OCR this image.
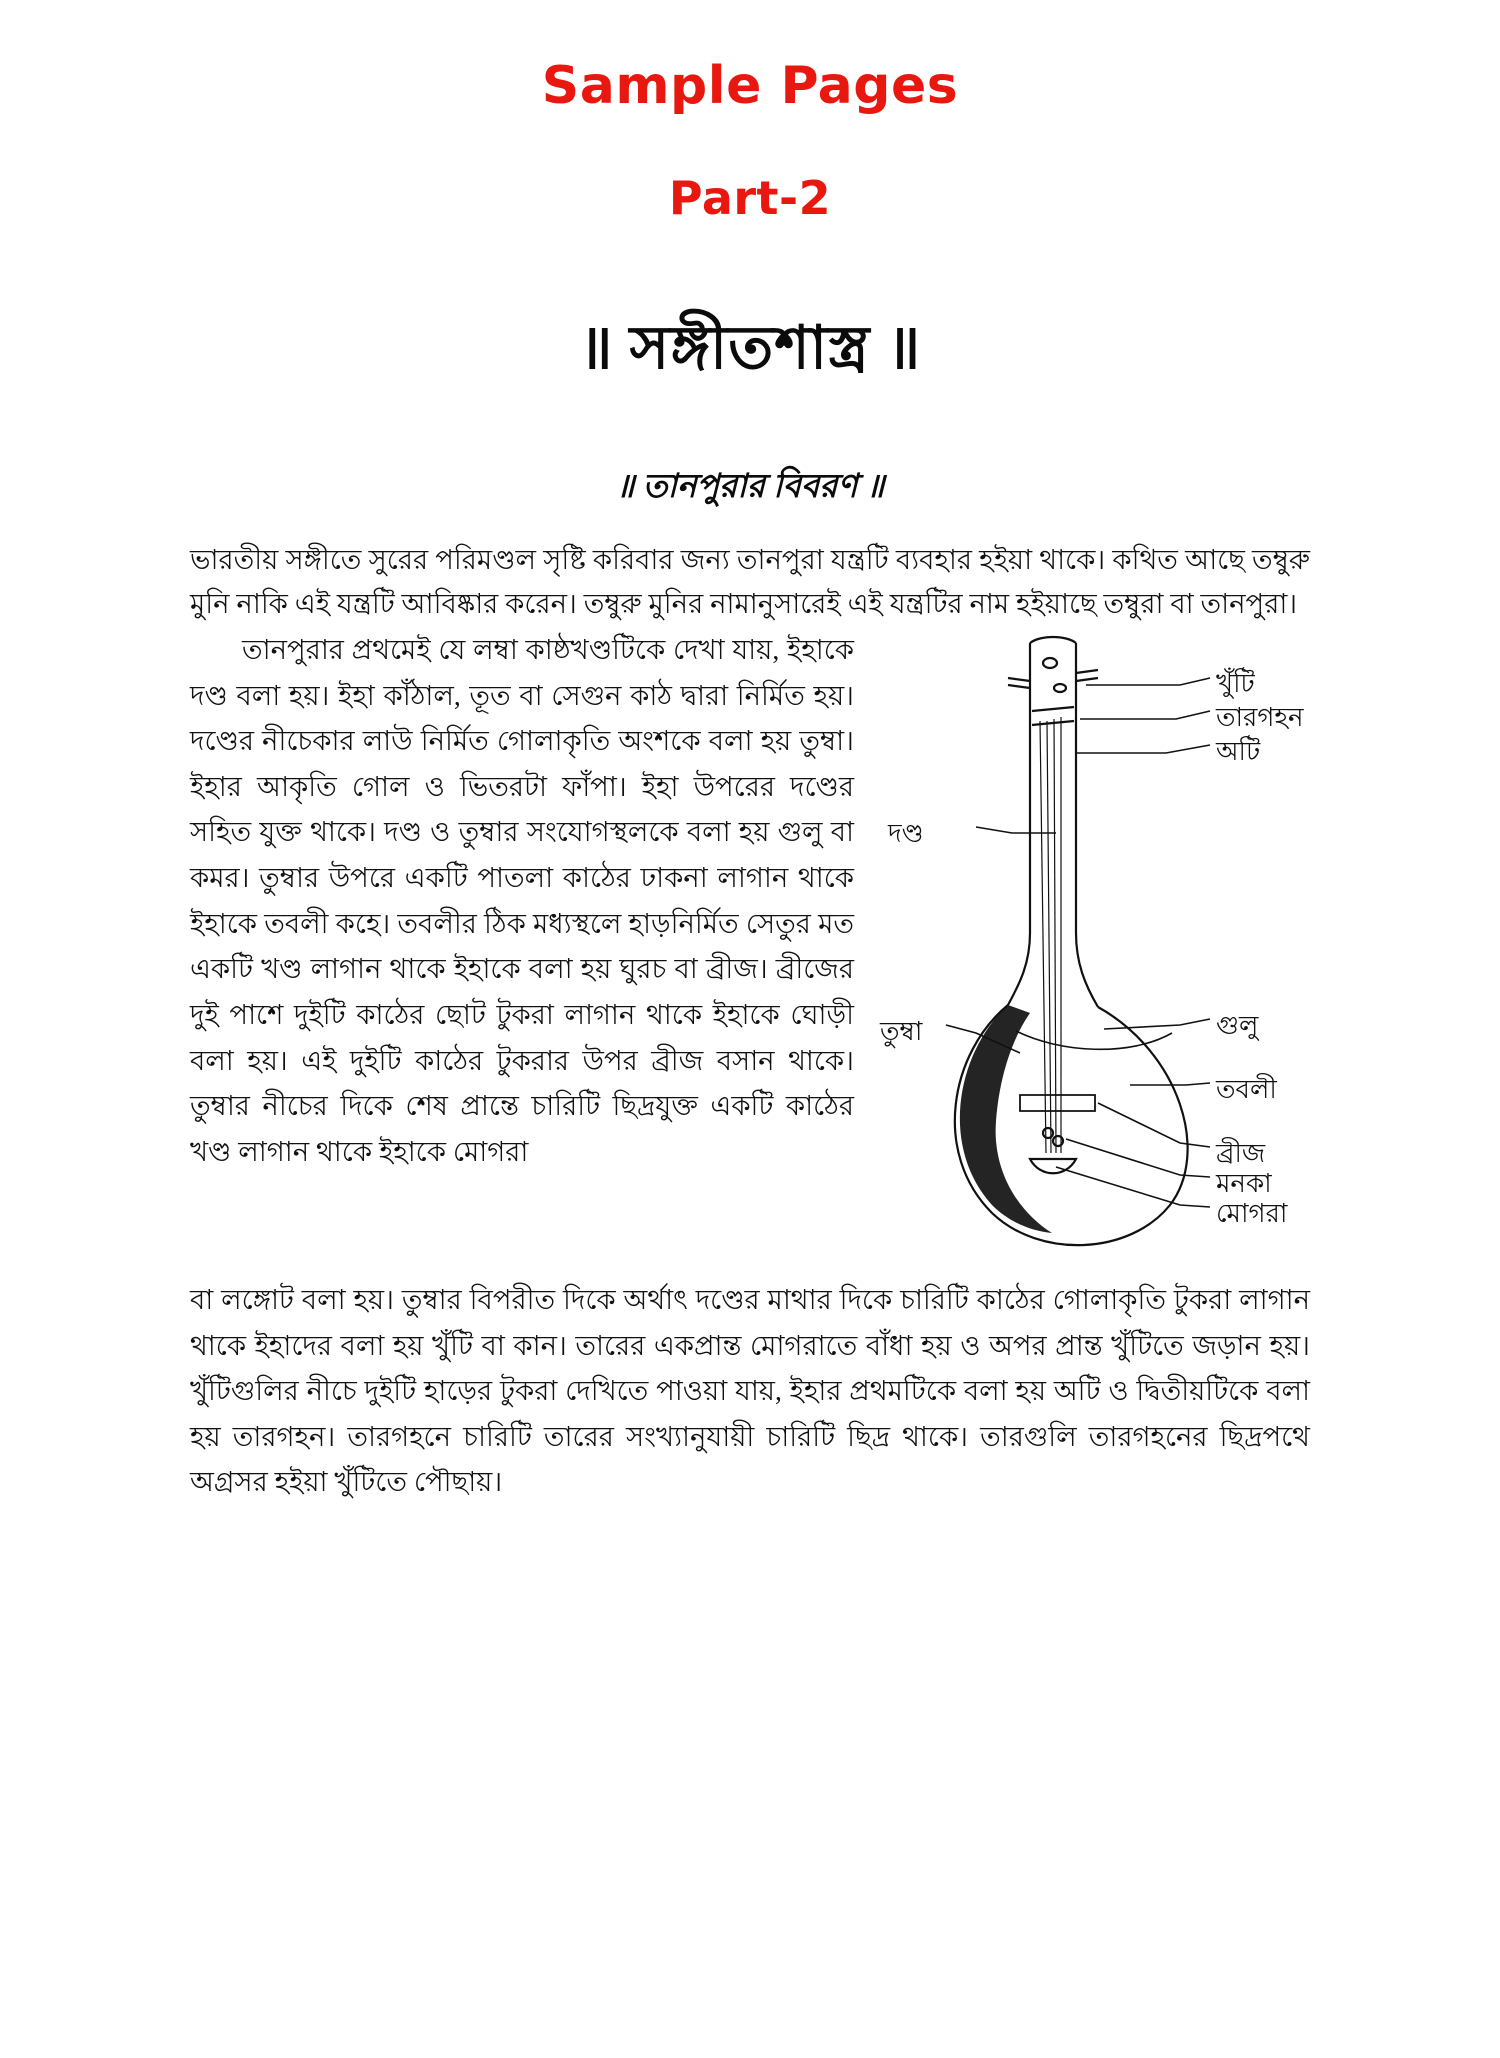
Sample Pages
Part-2
॥ সঙ্গীতশাস্ত্র ॥
॥ তানপুরার বিবরণ ॥
ভারতীয় সঙ্গীতে সুরের পরিমণ্ডল সৃষ্টি করিবার জন্য তানপুরা যন্ত্রটি ব্যবহার হইয়া থাকে। কথিত আছে তম্বুরু মুনি নাকি এই যন্ত্রটি আবিষ্কার করেন। তম্বুরু মুনির নামানুসারেই এই যন্ত্রটির নাম হইয়াছে তম্বুরা বা তানপুরা।
খুঁটি
তারগহন
অটি
দণ্ড
তুম্বা	গুলু
তবলী
ব্রীজ
মনকা
মোগরা
তানপুরার প্রথমেই যে লম্বা কাষ্ঠখণ্ডটিকে দেখা যায়, ইহাকে দণ্ড বলা হয়। ইহা কাঁঠাল, তূত বা সেগুন কাঠ দ্বারা নির্মিত হয়। দণ্ডের নীচেকার লাউ নির্মিত গোলাকৃতি অংশকে বলা হয় তুম্বা। ইহার আকৃতি গোল ও ভিতরটা ফাঁপা। ইহা উপরের দণ্ডের সহিত যুক্ত থাকে। দণ্ড ও তুম্বার সংযোগস্থলকে বলা হয় গুলু বা কমর। তুম্বার উপরে একটি পাতলা কাঠের ঢাকনা লাগান থাকে ইহাকে তবলী কহে। তবলীর ঠিক মধ্যস্থলে হাড়নির্মিত সেতুর মত একটি খণ্ড লাগান থাকে ইহাকে বলা হয় ঘুরচ বা ব্রীজ। ব্রীজের দুই পাশে দুইটি কাঠের ছোট টুকরা লাগান থাকে ইহাকে ঘোড়ী বলা হয়। এই দুইটি কাঠের টুকরার উপর ব্রীজ বসান থাকে। তুম্বার নীচের দিকে শেষ প্রান্তে চারিটি ছিদ্রযুক্ত একটি কাঠের খণ্ড লাগান থাকে ইহাকে মোগরা
বা লঙ্গোট বলা হয়। তুম্বার বিপরীত দিকে অর্থাৎ দণ্ডের মাথার দিকে চারিটি কাঠের গোলাকৃতি টুকরা লাগান থাকে ইহাদের বলা হয় খুঁটি বা কান। তারের একপ্রান্ত মোগরাতে বাঁধা হয় ও অপর প্রান্ত খুঁটিতে জড়ান হয়। খুঁটিগুলির নীচে দুইটি হাড়ের টুকরা দেখিতে পাওয়া যায়, ইহার প্রথমটিকে বলা হয় অটি ও দ্বিতীয়টিকে বলা হয় তারগহন। তারগহনে চারিটি তারের সংখ্যানুযায়ী চারিটি ছিদ্র থাকে। তারগুলি তারগহনের ছিদ্রপথে অগ্রসর হইয়া খুঁটিতে পৌছায়।
